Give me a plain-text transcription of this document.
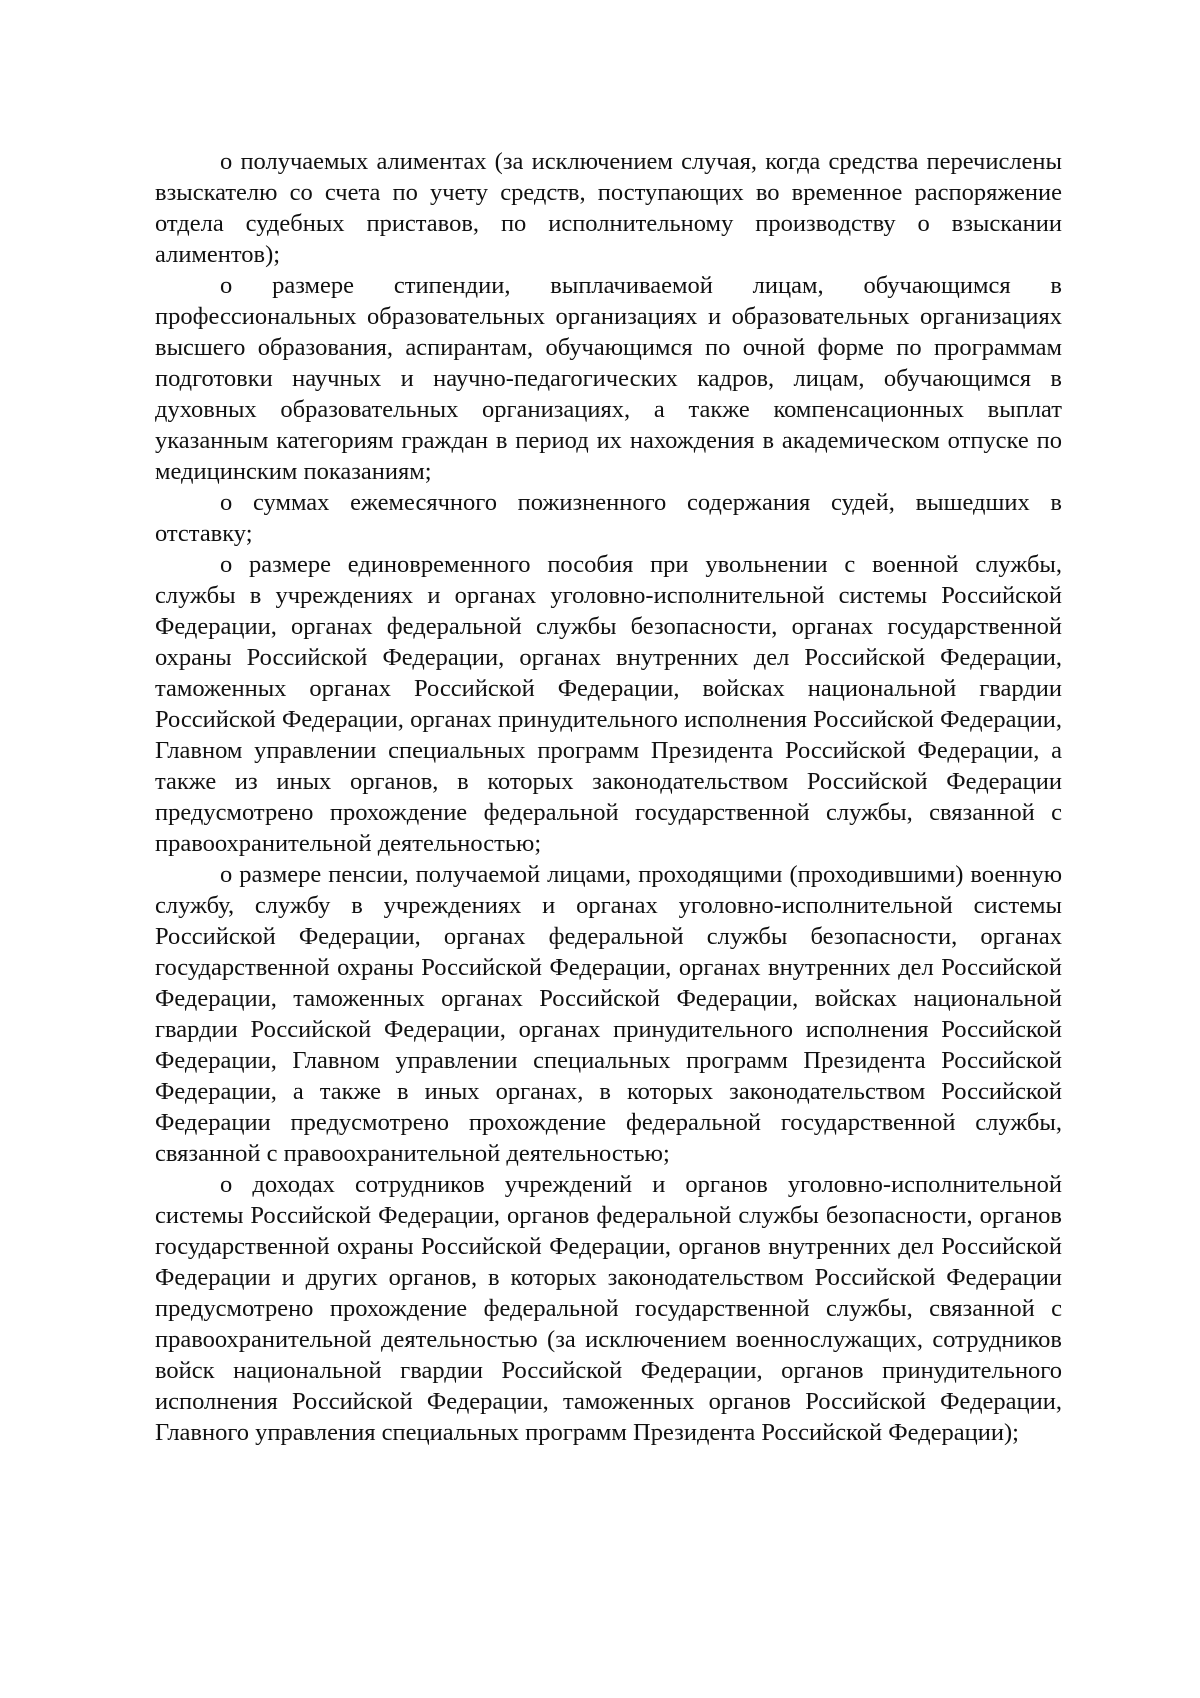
о получаемых алиментах (за исключением случая, когда средства перечислены взыскателю со счета по учету средств, поступающих во временное распоряжение отдела судебных приставов, по исполнительному производству о взыскании алиментов);

о размере стипендии, выплачиваемой лицам, обучающимся в профессиональных образовательных организациях и образовательных организациях высшего образования, аспирантам, обучающимся по очной форме по программам подготовки научных и научно-педагогических кадров, лицам, обучающимся в духовных образовательных организациях, а также компенсационных выплат указанным категориям граждан в период их нахождения в академическом отпуске по медицинским показаниям;

о суммах ежемесячного пожизненного содержания судей, вышедших в отставку;

о размере единовременного пособия при увольнении с военной службы, службы в учреждениях и органах уголовно-исполнительной системы Российской Федерации, органах федеральной службы безопасности, органах государственной охраны Российской Федерации, органах внутренних дел Российской Федерации, таможенных органах Российской Федерации, войсках национальной гвардии Российской Федерации, органах принудительного исполнения Российской Федерации, Главном управлении специальных программ Президента Российской Федерации, а также из иных органов, в которых законодательством Российской Федерации предусмотрено прохождение федеральной государственной службы, связанной с правоохранительной деятельностью;

о размере пенсии, получаемой лицами, проходящими (проходившими) военную службу, службу в учреждениях и органах уголовно-исполнительной системы Российской Федерации, органах федеральной службы безопасности, органах государственной охраны Российской Федерации, органах внутренних дел Российской Федерации, таможенных органах Российской Федерации, войсках национальной гвардии Российской Федерации, органах принудительного исполнения Российской Федерации, Главном управлении специальных программ Президента Российской Федерации, а также в иных органах, в которых законодательством Российской Федерации предусмотрено прохождение федеральной государственной службы, связанной с правоохранительной деятельностью;

о доходах сотрудников учреждений и органов уголовно-исполнительной системы Российской Федерации, органов федеральной службы безопасности, органов государственной охраны Российской Федерации, органов внутренних дел Российской Федерации и других органов, в которых законодательством Российской Федерации предусмотрено прохождение федеральной государственной службы, связанной с правоохранительной деятельностью (за исключением военнослужащих, сотрудников войск национальной гвардии Российской Федерации, органов принудительного исполнения Российской Федерации, таможенных органов Российской Федерации, Главного управления специальных программ Президента Российской Федерации);
